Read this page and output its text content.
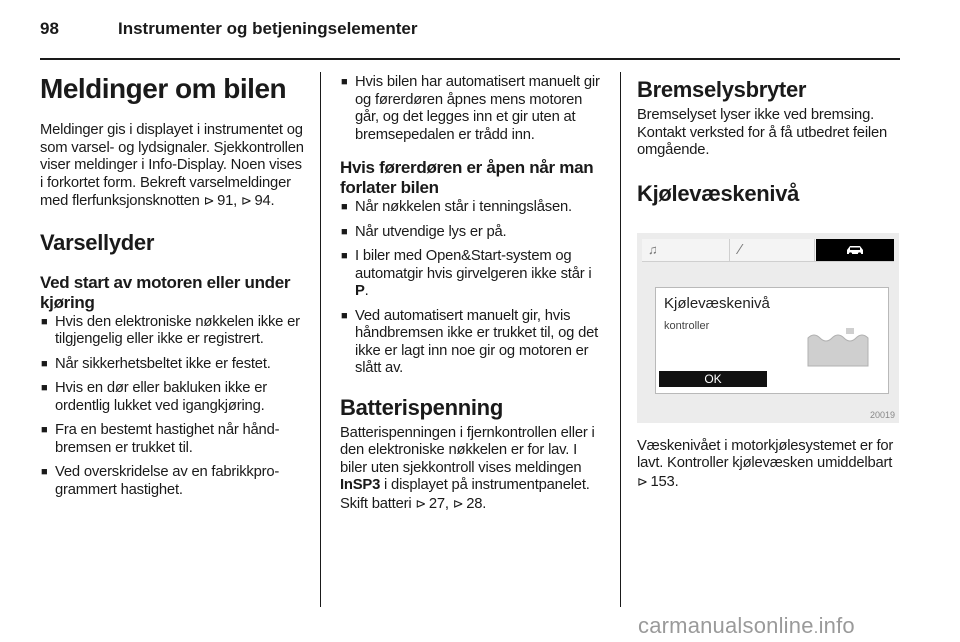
98	Instrumenter og betjeningselementer
Meldinger om bilen

Meldinger gis i displayet i instrumentet og som varsel- og lydsignaler. Sjekkontrollen viser meldinger i Info-Display. Noen vises i forkortet form. Bekreft varselmeldinger med flerfunksjonsknotten ⊳  91, ⊳  94.

Varsellyder
Ved start av motoren eller under kjøring
■ Hvis den elektroniske nøkkelen ikke er tilgjengelig eller ikke er registrert.
■ Når sikkerhetsbeltet ikke er festet.
■ Hvis en dør eller bakluken ikke er ordentlig lukket ved igangkjøring.
■ Fra en bestemt hastighet når håndbremsen er trukket til.
■ Ved overskridelse av en fabrikkprogrammert hastighet.
■ Hvis bilen har automatisert manuelt gir og førerdøren åpnes mens motoren går, og det legges inn et gir uten at bremsepedalen er trådd inn.
Hvis førerdøren er åpen når man forlater bilen
■ Når nøkkelen står i tenningslåsen.
■ Når utvendige lys er på.
■ I biler med Open&Start-system og automatgir hvis girvelgeren ikke står i P.
■ Ved automatisert manuelt gir, hvis håndbremsen ikke er trukket til, og det ikke er lagt inn noe gir og motoren er slått av.
Batterispenning

Batterispenningen i fjernkontrollen eller i den elektroniske nøkkelen er for lav. I biler uten sjekkontroll vises meldingen InSP3 i displayet på instrumentpanelet. Skift batteri ⊳  27, ⊳  28.

Bremselysbryter

Bremselyset lyser ikke ved bremsing. Kontakt verksted for å få utbedret feilen omgående.

Kjølevæskenivå
♫	⁄
Kjølevæskenivå
kontroller
OK
20019

Væskenivået i motorkjølesystemet er for lavt. Kontroller kjølevæsken umiddelbart ⊳  153.

carmanualsonline.info
